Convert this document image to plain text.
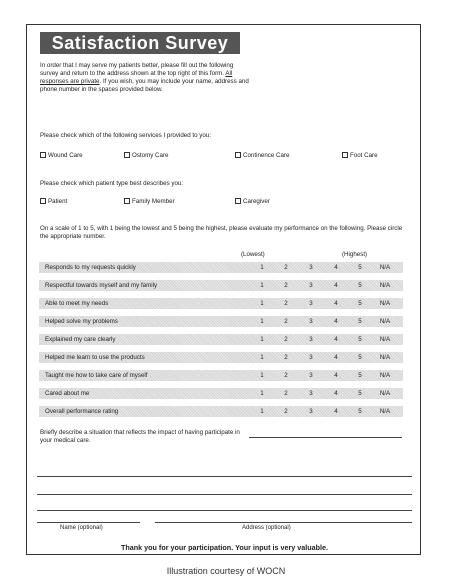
Satisfaction Survey
In order that I may serve my patients better, please fill out the following survey and return to the address shown at the top right of this form. All responses are private. If you wish, you may include your name, address and phone number in the spaces provided below.
Please check which of the following services I provided to you:
Wound Care	Ostomy Care	Continence Care	Foot Care
Please check which patient type best describes you:
Patient	Family Member	Caregiver
On a scale of 1 to 5, with 1 being the lowest and 5 being the highest, please evaluate my performance on the following. Please circle the appropriate number.
(Lowest)	(Highest)
Responds to my requests quickly	1	2	3	4	5	N/A
Respectful towards myself and my family	1	2	3	4	5	N/A
Able to meet my needs	1	2	3	4	5	N/A
Helped solve my problems	1	2	3	4	5	N/A
Explained my care clearly	1	2	3	4	5	N/A
Helped me learn to use the products	1	2	3	4	5	N/A
Taught me how to take care of myself	1	2	3	4	5	N/A
Cared about me	1	2	3	4	5	N/A
Overall performance rating	1	2	3	4	5	N/A
Briefly describe a situation that reflects the impact of having participate in your medical care.
Name (optional)	Address (optional)
Thank you for your participation. Your input is very valuable.
Illustration courtesy of WOCN
